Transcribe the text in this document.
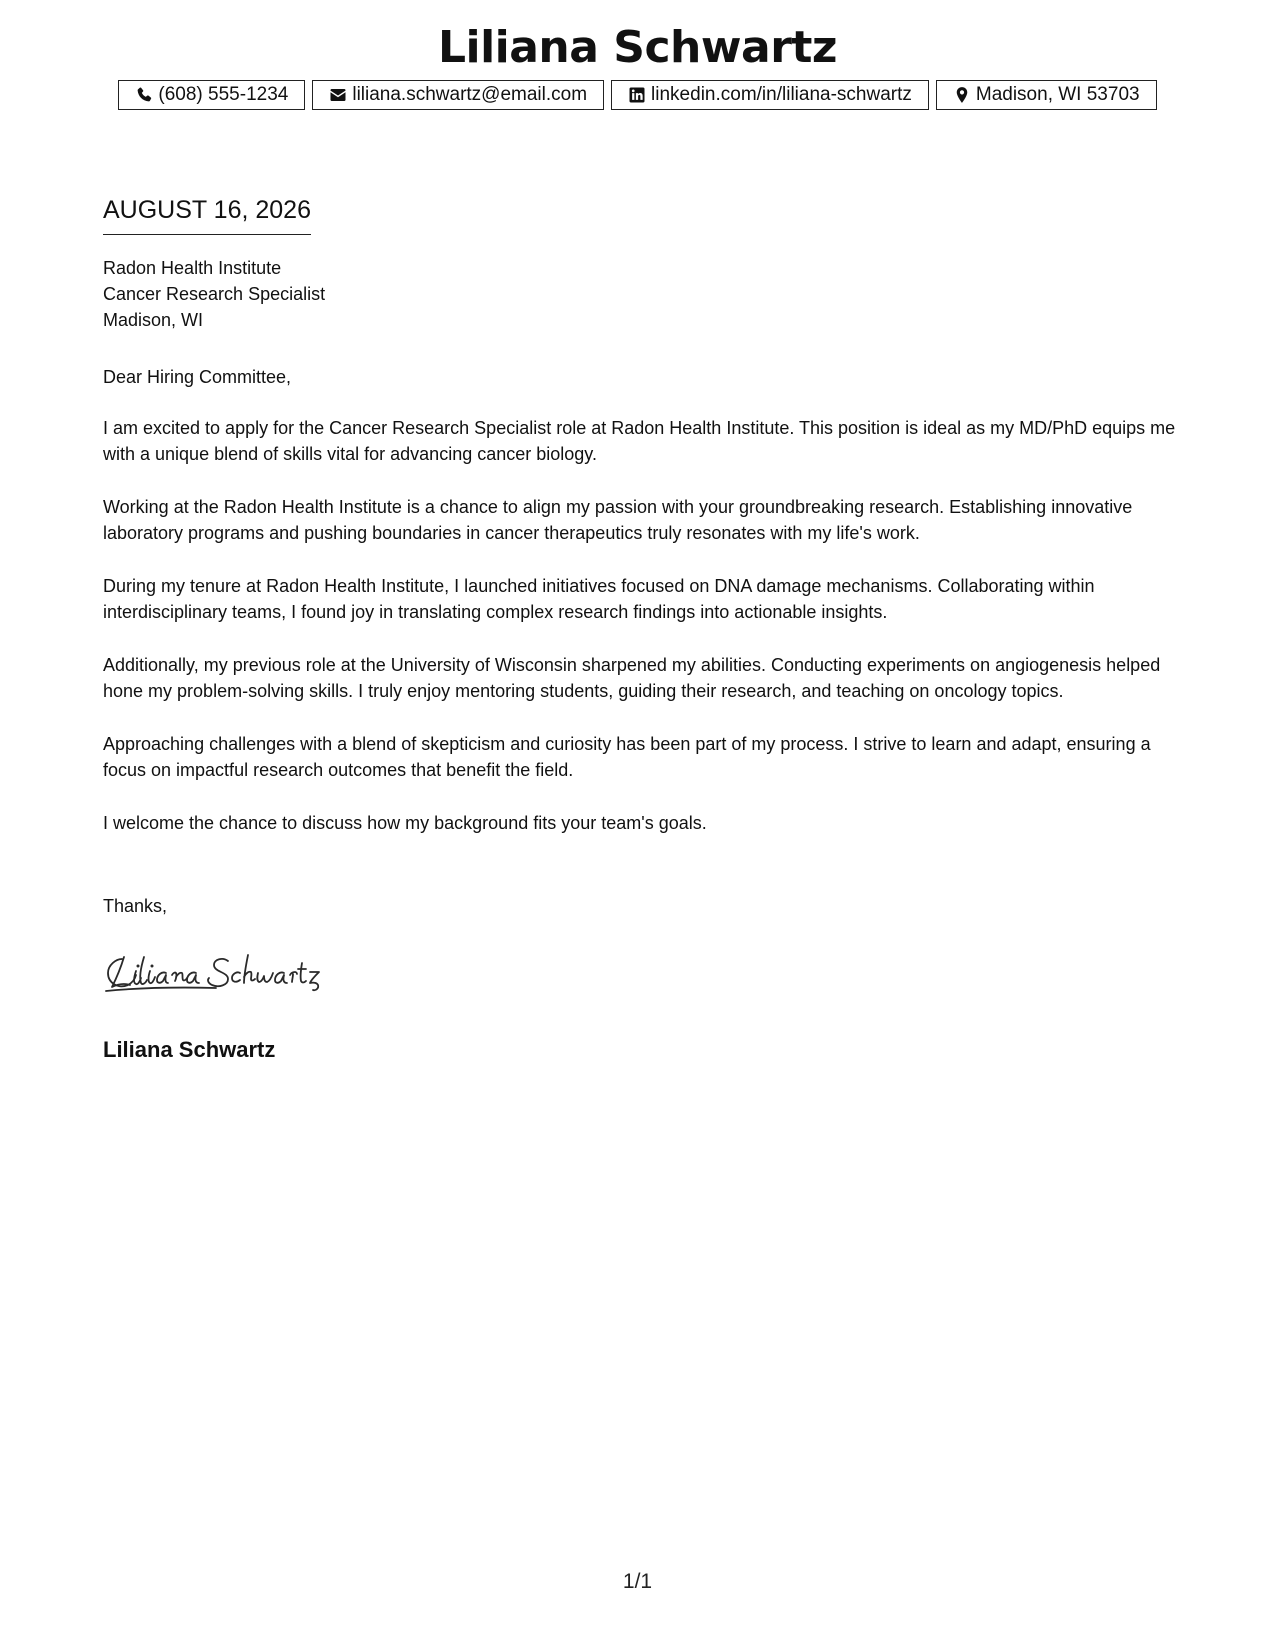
Liliana Schwartz
(608) 555-1234	liliana.schwartz@email.com	linkedin.com/in/liliana-schwartz	Madison, WI 53703
AUGUST 16, 2026
Radon Health Institute
Cancer Research Specialist
Madison, WI

Dear Hiring Committee,

I am excited to apply for the Cancer Research Specialist role at Radon Health Institute. This position is ideal as my MD/PhD equips me with a unique blend of skills vital for advancing cancer biology.

Working at the Radon Health Institute is a chance to align my passion with your groundbreaking research. Establishing innovative laboratory programs and pushing boundaries in cancer therapeutics truly resonates with my life's work.

During my tenure at Radon Health Institute, I launched initiatives focused on DNA damage mechanisms. Collaborating within interdisciplinary teams, I found joy in translating complex research findings into actionable insights.

Additionally, my previous role at the University of Wisconsin sharpened my abilities. Conducting experiments on angiogenesis helped hone my problem-solving skills. I truly enjoy mentoring students, guiding their research, and teaching on oncology topics.

Approaching challenges with a blend of skepticism and curiosity has been part of my process. I strive to learn and adapt, ensuring a focus on impactful research outcomes that benefit the field.

I welcome the chance to discuss how my background fits your team's goals.

Thanks,
Liliana Schwartz
1/1
